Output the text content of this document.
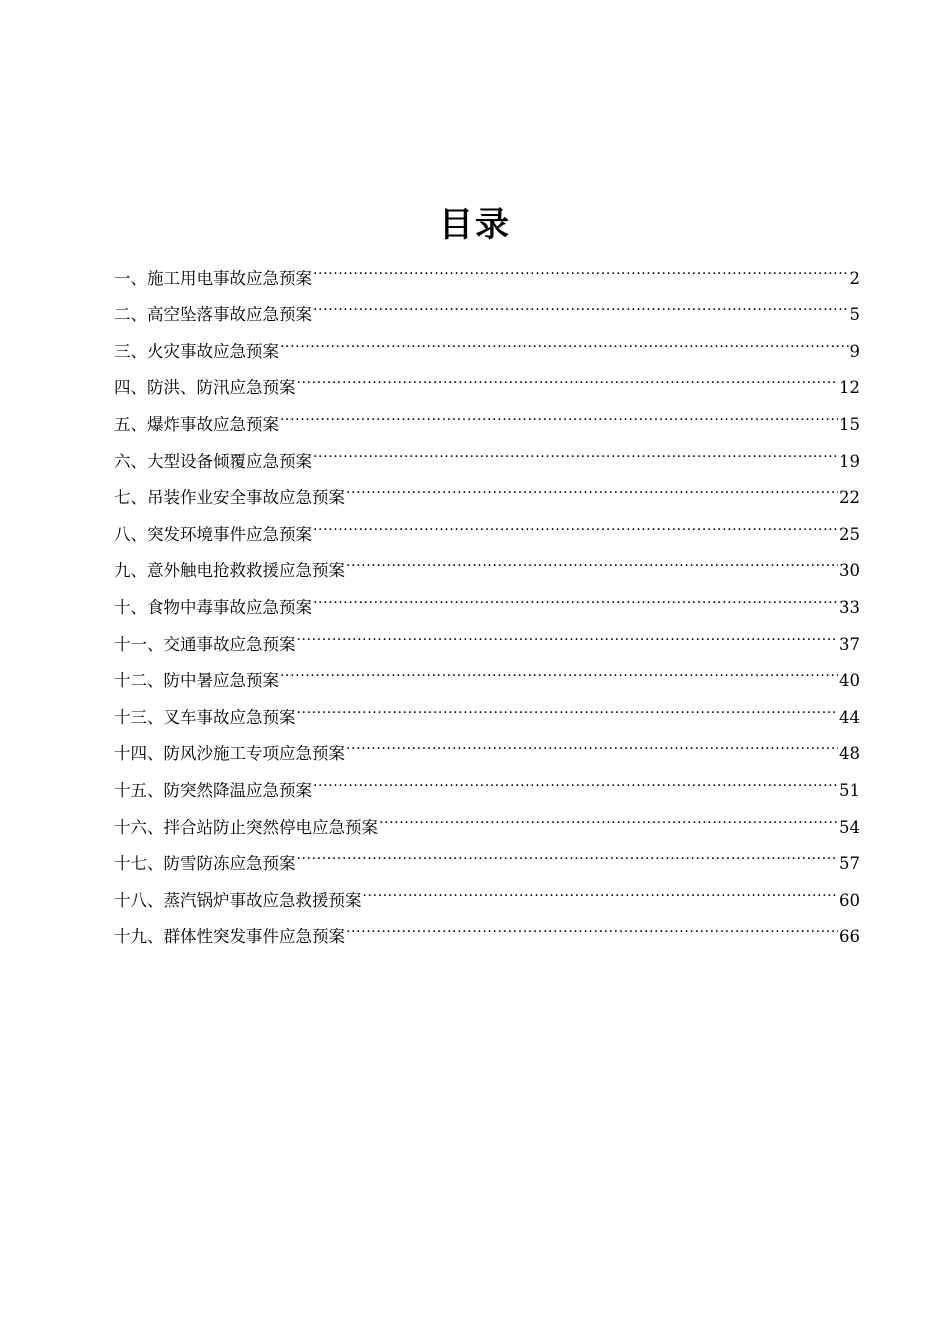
目录
一、施工用电事故应急预案 .....	2
二、高空坠落事故应急预案 .....	5
三、火灾事故应急预案 .....	9
四、防洪、防汛应急预案 .....	12
五、爆炸事故应急预案 .....	15
六、大型设备倾覆应急预案 .....	19
七、吊装作业安全事故应急预案 .....	22
八、突发环境事件应急预案 .....	25
九、意外触电抢救救援应急预案 .....	30
十、食物中毒事故应急预案 .....	33
十一、交通事故应急预案 .....	37
十二、防中暑应急预案 .....	40
十三、叉车事故应急预案 .....	44
十四、防风沙施工专项应急预案 .....	48
十五、防突然降温应急预案 .....	51
十六、拌合站防止突然停电应急预案 .....	54
十七、防雪防冻应急预案 .....	57
十八、蒸汽锅炉事故应急救援预案 .....	60
十九、群体性突发事件应急预案 .....	66
